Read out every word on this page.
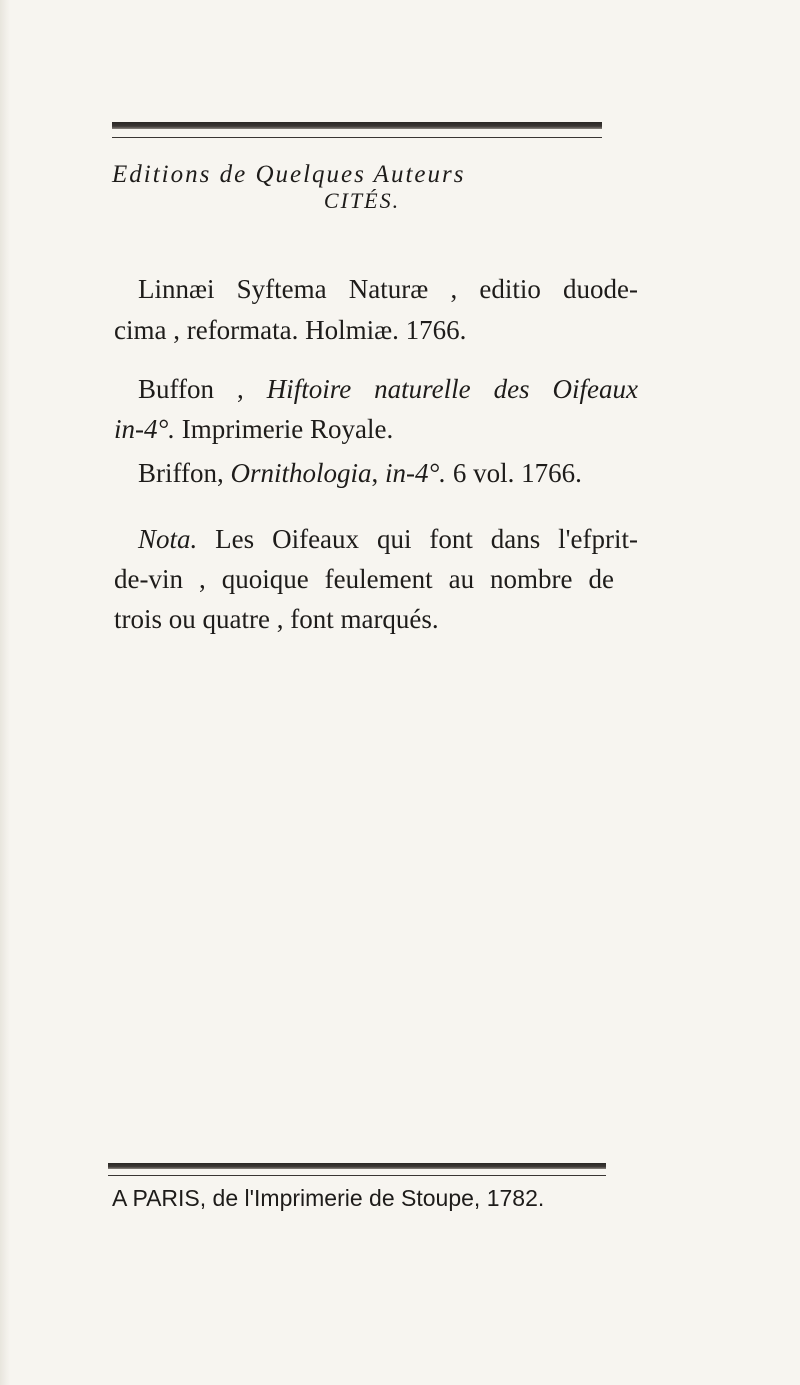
Editions de Quelques Auteurs
CITÉS.
Linnæi Syftema Naturæ , editio duode-
cima , reformata. Holmiæ. 1766.
Buffon , Hiftoire naturelle des Oifeaux
in-4°. Imprimerie Royale.
Briffon, Ornithologia, in-4°. 6 vol. 1766.
Nota. Les Oifeaux qui font dans l'efprit-
de-vin , quoique feulement au nombre de
trois ou quatre , font marqués.
A PARIS, de l'Imprimerie de Stoupe, 1782.
